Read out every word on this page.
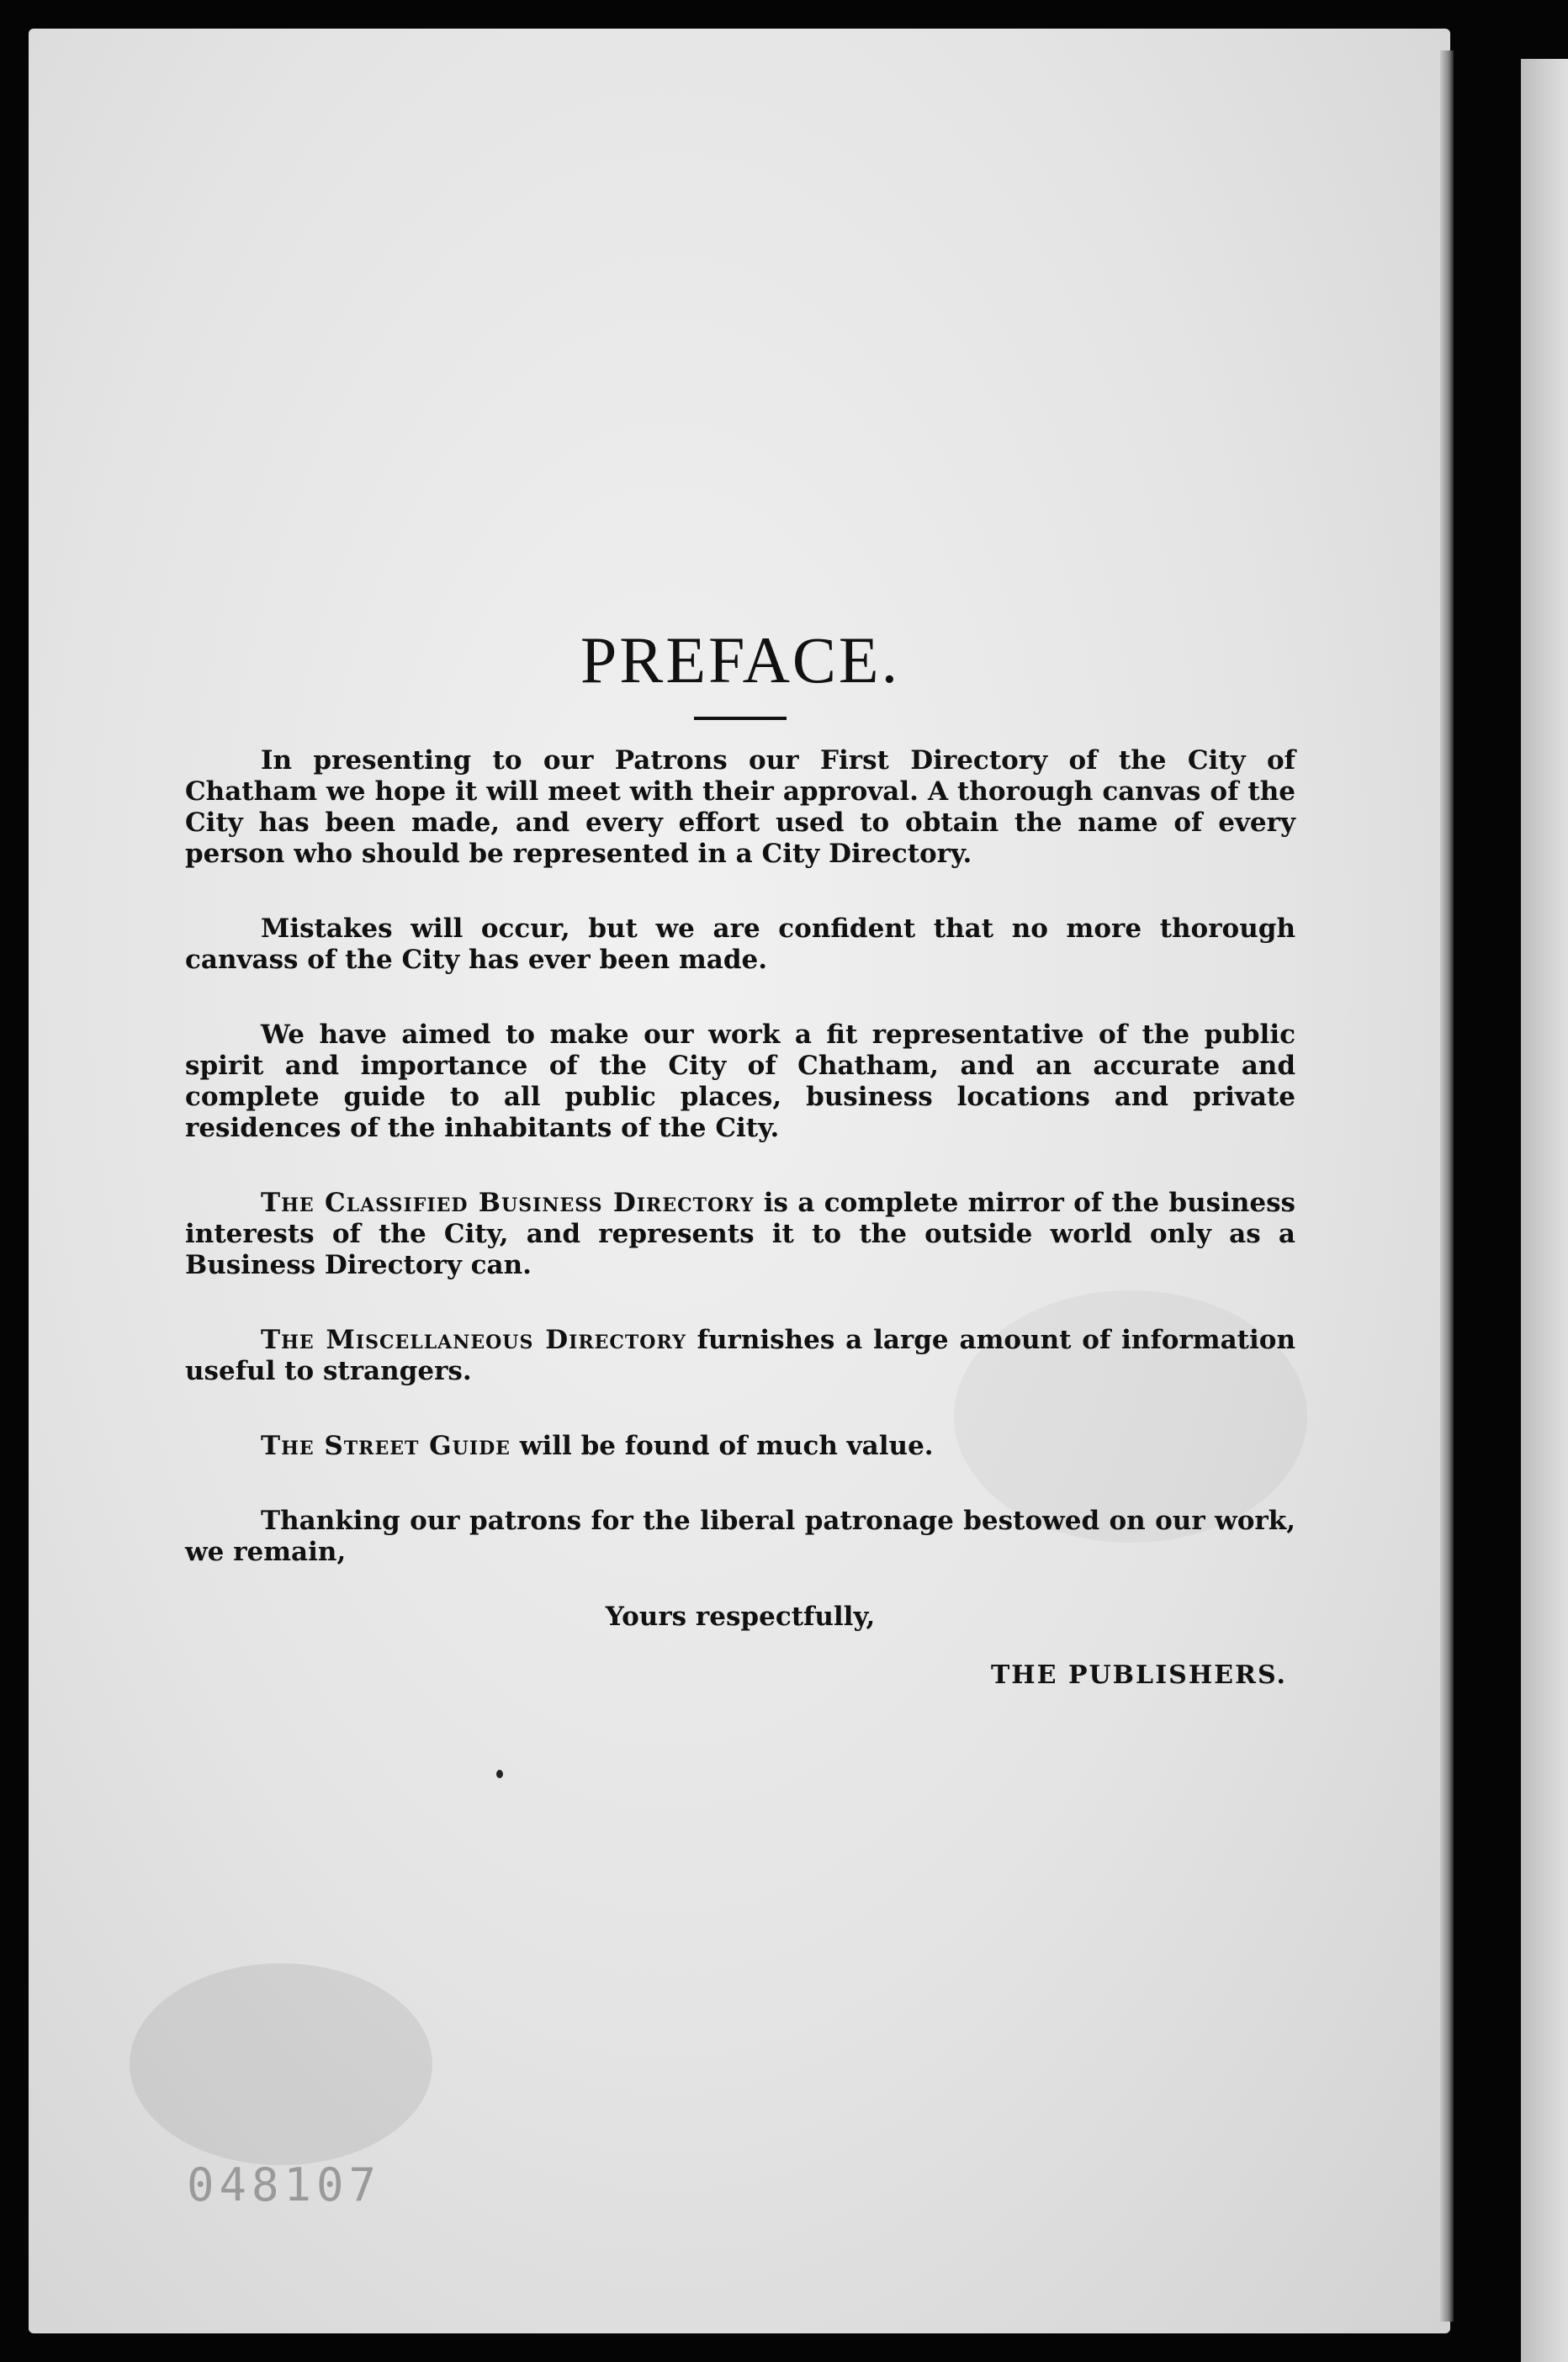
PREFACE.

In presenting to our Patrons our First Directory of the City of Chatham we hope it will meet with their approval. A thorough canvas of the City has been made, and every effort used to obtain the name of every person who should be represented in a City Directory.

Mistakes will occur, but we are confident that no more thorough canvass of the City has ever been made.

We have aimed to make our work a fit representative of the public spirit and importance of the City of Chatham, and an accurate and complete guide to all public places, business locations and private residences of the inhabitants of the City.

The Classified Business Directory is a complete mirror of the business interests of the City, and represents it to the outside world only as a Business Directory can.

The Miscellaneous Directory furnishes a large amount of information useful to strangers.

The Street Guide will be found of much value.

Thanking our patrons for the liberal patronage bestowed on our work, we remain,

Yours respectfully,
THE PUBLISHERS.
048107
